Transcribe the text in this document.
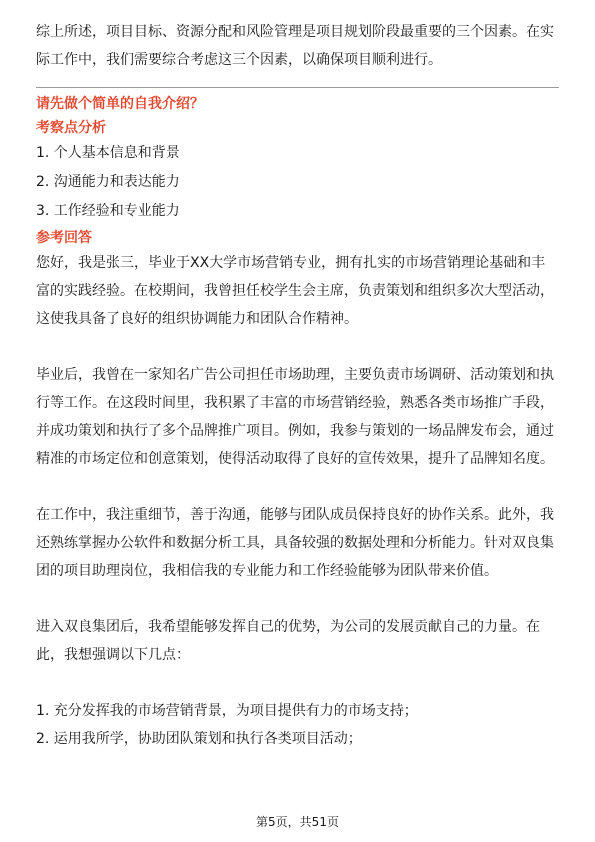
综上所述，项目目标、资源分配和风险管理是项目规划阶段最重要的三个因素。在实际工作中，我们需要综合考虑这三个因素，以确保项目顺利进行。

请先做个简单的自我介绍？

考察点分析

1. 个人基本信息和背景

2. 沟通能力和表达能力

3. 工作经验和专业能力

参考回答

您好，我是张三，毕业于XX大学市场营销专业，拥有扎实的市场营销理论基础和丰富的实践经验。在校期间，我曾担任校学生会主席，负责策划和组织多次大型活动，这使我具备了良好的组织协调能力和团队合作精神。

毕业后，我曾在一家知名广告公司担任市场助理，主要负责市场调研、活动策划和执行等工作。在这段时间里，我积累了丰富的市场营销经验，熟悉各类市场推广手段，并成功策划和执行了多个品牌推广项目。例如，我参与策划的一场品牌发布会，通过精准的市场定位和创意策划，使得活动取得了良好的宣传效果，提升了品牌知名度。

在工作中，我注重细节，善于沟通，能够与团队成员保持良好的协作关系。此外，我还熟练掌握办公软件和数据分析工具，具备较强的数据处理和分析能力。针对双良集团的项目助理岗位，我相信我的专业能力和工作经验能够为团队带来价值。

进入双良集团后，我希望能够发挥自己的优势，为公司的发展贡献自己的力量。在此，我想强调以下几点：

1. 充分发挥我的市场营销背景，为项目提供有力的市场支持；

2. 运用我所学，协助团队策划和执行各类项目活动；

第5页，共51页
